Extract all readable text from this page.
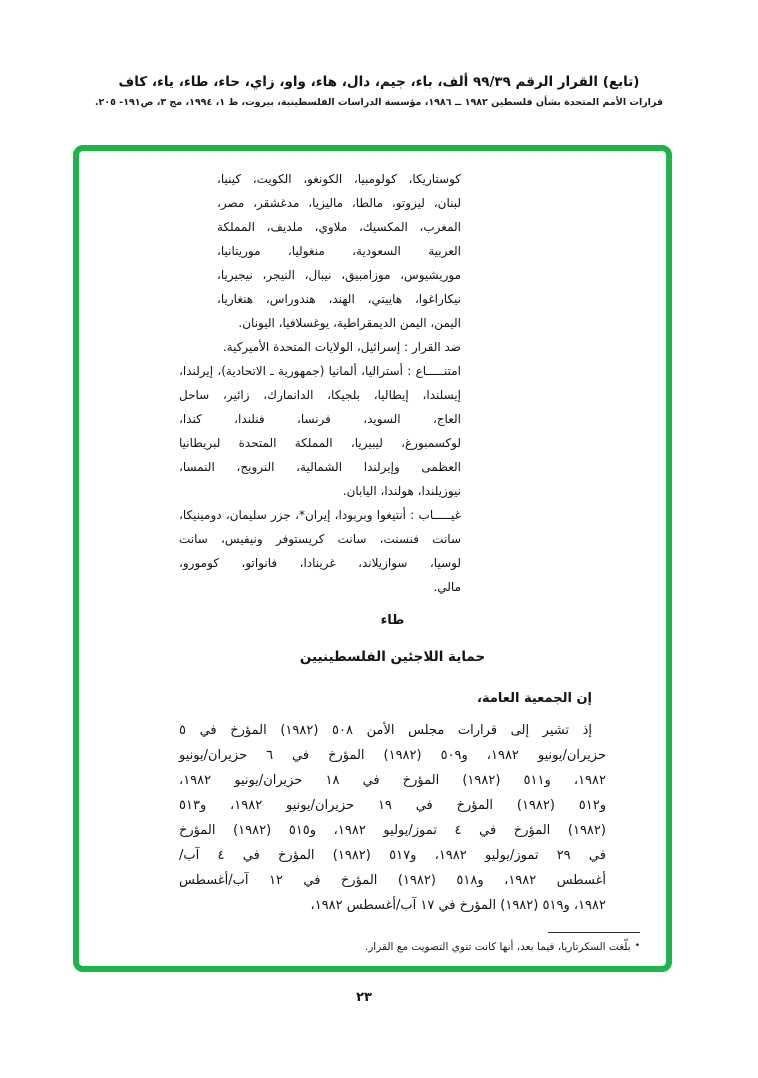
(تابع) القرار الرقم ٩٩/٣٩ ألف، باء، جيم، دال، هاء، واو، زاي، حاء، طاء، ياء، كاف
قرارات الأمم المتحدة بشأن فلسطين ١٩٨٢ ــ ١٩٨٦، مؤسسة الدراسات الفلسطينية، بيروت، ط ١، ١٩٩٤، مج ٣، ص١٩١- ٢٠٥.
كوستاريكا، كولومبيا، الكونغو، الكويت، كينيا،
لبنان، ليزوتو، مالطا، ماليزيا، مدغشقر، مصر،
المغرب، المكسيك، ملاوي، ملديف، المملكة
العربية السعودية، منغوليا، موريتانيا،
موريشيوس، موزامبيق، نيبال، النيجر، نيجيريا،
نيكاراغوا، هاييتي، الهند، هندوراس، هنغاريا،
اليمن، اليمن الديمقراطية، يوغسلافيا، اليونان.
ضد القرار : إسرائيل، الولايات المتحدة الأميركية.
امتنـــــاع : أستراليا، ألمانيا (جمهورية ـ الاتحادية)، إيرلندا،
إيسلندا، إيطاليا، بلجيكا، الدانمارك، زائير، ساحل
العاج، السويد، فرنسا، فنلندا، كندا،
لوكسمبورغ، ليبيريا، المملكة المتحدة لبريطانيا
العظمى وإيرلندا الشمالية، النرويج، النمسا،
نيوزيلندا، هولندا، اليابان.
غيـــــاب : أنتيغوا وبربودا، إيران*، جزر سليمان، دومينيكا،
سانت فنسنت، سانت كريستوفر ونيفيس، سانت
لوسيا، سوازيلاند، غرينادا، فانواتو، كومورو،
مالي.
طاء
حماية اللاجئين الفلسطينيين
إن الجمعية العامة،
إذ تشير إلى قرارات مجلس الأمن ٥٠٨ (١٩٨٢) المؤرخ في ٥
حزيران/يونيو ١٩٨٢، و٥٠٩ (١٩٨٢) المؤرخ في ٦ حزيران/يونيو
١٩٨٢، و٥١١ (١٩٨٢) المؤرخ في ١٨ حزيران/يونيو ١٩٨٢،
و٥١٢ (١٩٨٢) المؤرخ في ١٩ حزيران/يونيو ١٩٨٢، و٥١٣
(١٩٨٢) المؤرخ في ٤ تموز/يوليو ١٩٨٢، و٥١٥ (١٩٨٢) المؤرخ
في ٢٩ تموز/يوليو ١٩٨٢، و٥١٧ (١٩٨٢) المؤرخ في ٤ آب/
أغسطس ١٩٨٢، و٥١٨ (١٩٨٢) المؤرخ في ١٢ آب/أغسطس
١٩٨٢، و٥١٩ (١٩٨٢) المؤرخ في ١٧ آب/أغسطس ١٩٨٢،
•بلّغت السكرتاريا، فيما بعد، أنها كانت تنوي التصويت مع القرار.
٢٣
